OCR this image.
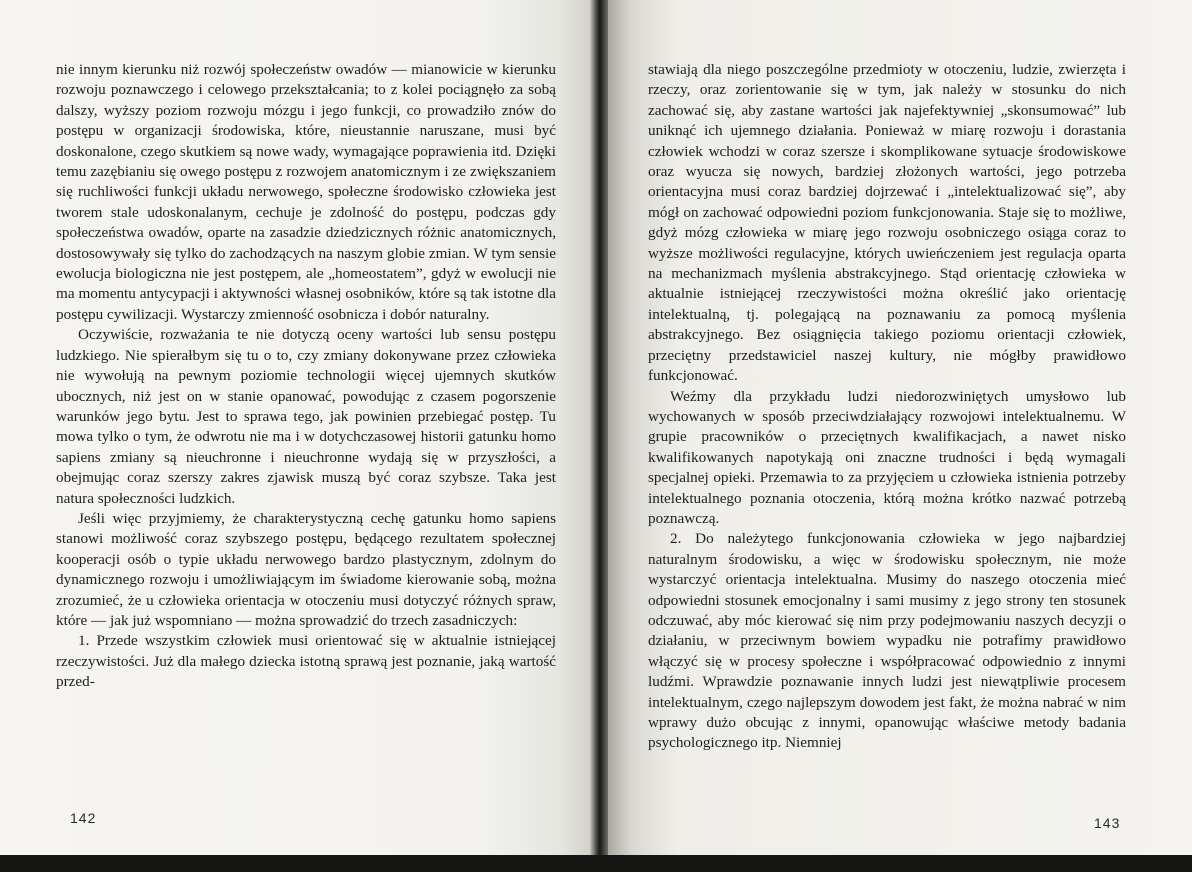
nie innym kierunku niż rozwój społeczeństw owadów — mianowicie w kierunku rozwoju poznawczego i celowego przekształcania; to z kolei pociągnęło za sobą dalszy, wyższy poziom rozwoju mózgu i jego funkcji, co prowadziło znów do postępu w organizacji środowiska, które, nieustannie naruszane, musi być doskonalone, czego skutkiem są nowe wady, wymagające poprawienia itd. Dzięki temu zazębianiu się owego postępu z rozwojem anatomicznym i ze zwiększaniem się ruchliwości funkcji układu nerwowego, społeczne środowisko człowieka jest tworem stale udoskonalanym, cechuje je zdolność do postępu, podczas gdy społeczeństwa owadów, oparte na zasadzie dziedzicznych różnic anatomicznych, dostosowywały się tylko do zachodzących na naszym globie zmian. W tym sensie ewolucja biologiczna nie jest postępem, ale „homeostatem”, gdyż w ewolucji nie ma momentu antycypacji i aktywności własnej osobników, które są tak istotne dla postępu cywilizacji. Wystarczy zmienność osobnicza i dobór naturalny.

Oczywiście, rozważania te nie dotyczą oceny wartości lub sensu postępu ludzkiego. Nie spierałbym się tu o to, czy zmiany dokonywane przez człowieka nie wywołują na pewnym poziomie technologii więcej ujemnych skutków ubocznych, niż jest on w stanie opanować, powodując z czasem pogorszenie warunków jego bytu. Jest to sprawa tego, jak powinien przebiegać postęp. Tu mowa tylko o tym, że odwrotu nie ma i w dotychczasowej historii gatunku homo sapiens zmiany są nieuchronne i nieuchronne wydają się w przyszłości, a obejmując coraz szerszy zakres zjawisk muszą być coraz szybsze. Taka jest natura społeczności ludzkich.

Jeśli więc przyjmiemy, że charakterystyczną cechę gatunku homo sapiens stanowi możliwość coraz szybszego postępu, będącego rezultatem społecznej kooperacji osób o typie układu nerwowego bardzo plastycznym, zdolnym do dynamicznego rozwoju i umożliwiającym im świadome kierowanie sobą, można zrozumieć, że u człowieka orientacja w otoczeniu musi dotyczyć różnych spraw, które — jak już wspomniano — można sprowadzić do trzech zasadniczych:

1. Przede wszystkim człowiek musi orientować się w aktualnie istniejącej rzeczywistości. Już dla małego dziecka istotną sprawą jest poznanie, jaką wartość przed-

142

stawiają dla niego poszczególne przedmioty w otoczeniu, ludzie, zwierzęta i rzeczy, oraz zorientowanie się w tym, jak należy w stosunku do nich zachować się, aby zastane wartości jak najefektywniej „skonsumować” lub uniknąć ich ujemnego działania. Ponieważ w miarę rozwoju i dorastania człowiek wchodzi w coraz szersze i skomplikowane sytuacje środowiskowe oraz wyucza się nowych, bardziej złożonych wartości, jego potrzeba orientacyjna musi coraz bardziej dojrzewać i „intelektualizować się”, aby mógł on zachować odpowiedni poziom funkcjonowania. Staje się to możliwe, gdyż mózg człowieka w miarę jego rozwoju osobniczego osiąga coraz to wyższe możliwości regulacyjne, których uwieńczeniem jest regulacja oparta na mechanizmach myślenia abstrakcyjnego. Stąd orientację człowieka w aktualnie istniejącej rzeczywistości można określić jako orientację intelektualną, tj. polegającą na poznawaniu za pomocą myślenia abstrakcyjnego. Bez osiągnięcia takiego poziomu orientacji człowiek, przeciętny przedstawiciel naszej kultury, nie mógłby prawidłowo funkcjonować.

Weźmy dla przykładu ludzi niedorozwiniętych umysłowo lub wychowanych w sposób przeciwdziałający rozwojowi intelektualnemu. W grupie pracowników o przeciętnych kwalifikacjach, a nawet nisko kwalifikowanych napotykają oni znaczne trudności i będą wymagali specjalnej opieki. Przemawia to za przyjęciem u człowieka istnienia potrzeby intelektualnego poznania otoczenia, którą można krótko nazwać potrzebą poznawczą.

2. Do należytego funkcjonowania człowieka w jego najbardziej naturalnym środowisku, a więc w środowisku społecznym, nie może wystarczyć orientacja intelektualna. Musimy do naszego otoczenia mieć odpowiedni stosunek emocjonalny i sami musimy z jego strony ten stosunek odczuwać, aby móc kierować się nim przy podejmowaniu naszych decyzji o działaniu, w przeciwnym bowiem wypadku nie potrafimy prawidłowo włączyć się w procesy społeczne i współpracować odpowiednio z innymi ludźmi. Wprawdzie poznawanie innych ludzi jest niewątpliwie procesem intelektualnym, czego najlepszym dowodem jest fakt, że można nabrać w nim wprawy dużo obcując z innymi, opanowując właściwe metody badania psychologicznego itp. Niemniej

143
